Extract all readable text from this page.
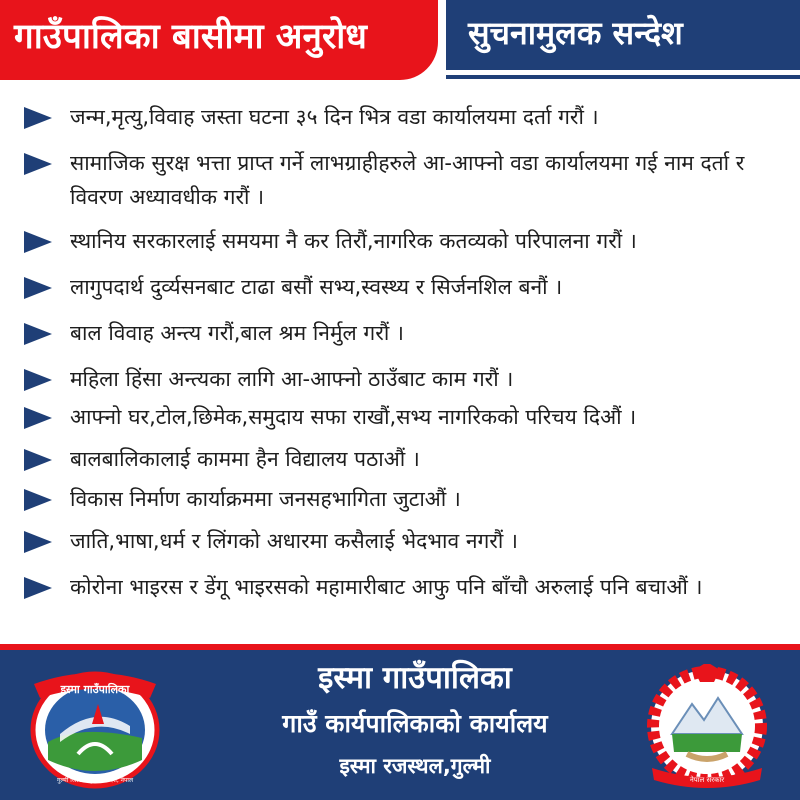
गाउँपालिका बासीमा अनुरोध	सुचनामुलक सन्देश
जन्म,मृत्यु,विवाह जस्ता घटना ३५ दिन भित्र वडा कार्यालयमा दर्ता गरौं ।
सामाजिक सुरक्ष भत्ता प्राप्त गर्ने लाभग्राहीहरुले आ-आफ्नो वडा कार्यालयमा गई नाम दर्ता र विवरण अध्यावधीक गरौं ।
स्थानिय सरकारलाई समयमा नै कर तिरौं,नागरिक कतव्यको परिपालना गरौं ।
लागुपदार्थ दुर्व्यसनबाट टाढा बसौं सभ्य,स्वस्थ्य र सिर्जनशिल बनौं ।
बाल विवाह अन्त्य गरौं,बाल श्रम निर्मुल गरौं ।
महिला हिंसा अन्त्यका लागि आ-आफ्नो ठाउँबाट काम गरौं ।
आफ्नो घर,टोल,छिमेक,समुदाय सफा राखौं,सभ्य नागरिकको परिचय दिऔं ।
बालबालिकालाई काममा हैन विद्यालय पठाऔं ।
विकास निर्माण कार्याक्रममा जनसहभागिता जुटाऔं ।
जाति,भाषा,धर्म र लिंगको अधारमा कसैलाई भेदभाव नगरौं ।
कोरोना भाइरस र डेंगू भाइरसको महामारीबाट आफु पनि बाँचौ अरुलाई पनि बचाऔं ।
इस्मा गाउँपालिका
गुल्मी जिल्ला, लुम्बिनी प्रदेश, नेपाल
इस्मा गाउँपालिका
गाउँ कार्यपालिकाको कार्यालय
इस्मा रजस्थल,गुल्मी
नेपाल सरकार
